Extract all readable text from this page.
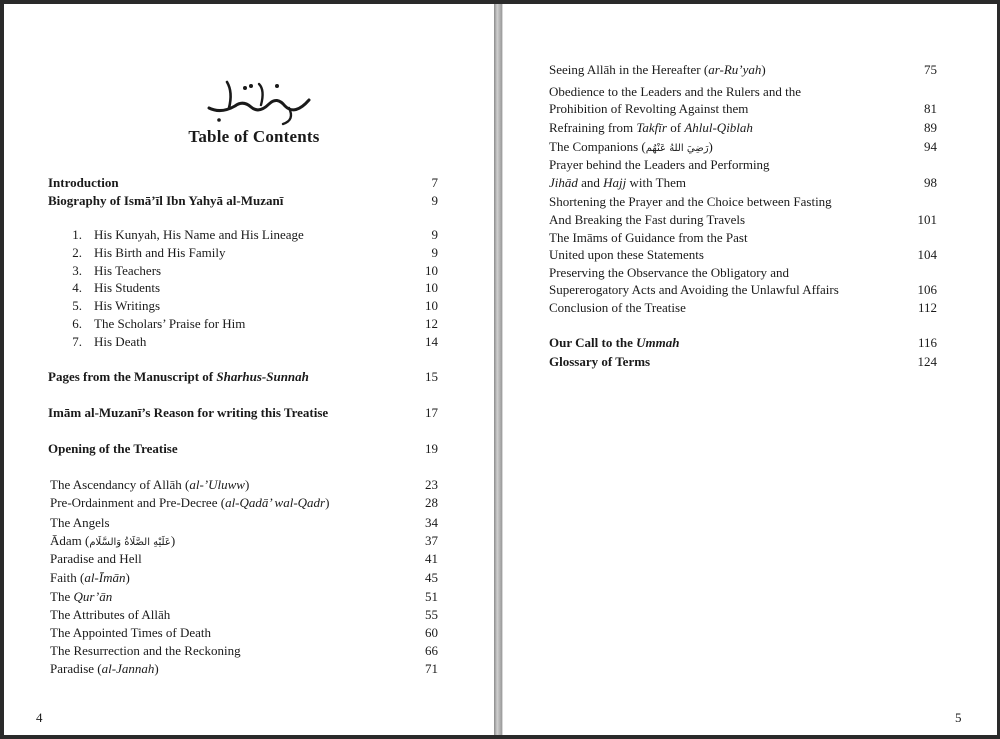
Table of Contents
Introduction	7
Biography of Ismā’īl Ibn Yahyā al-Muzanī	9
1. His Kunyah, His Name and His Lineage	9
2. His Birth and His Family	9
3. His Teachers	10
4. His Students	10
5. His Writings	10
6. The Scholars’ Praise for Him	12
7. His Death	14
Pages from the Manuscript of Sharhus-Sunnah	15
Imām al-Muzanī’s Reason for writing this Treatise	17
Opening of the Treatise	19
The Ascendancy of Allāh (al-’Uluww)	23
Pre-Ordainment and Pre-Decree (al-Qadā’ wal-Qadr)	28
The Angels	34
Ādam (عَلَيْهِ الصَّلَاةُ وَالسَّلَام)	37
Paradise and Hell	41
Faith (al-Īmān)	45
The Qur’ān	51
The Attributes of Allāh	55
The Appointed Times of Death	60
The Resurrection and the Reckoning	66
Paradise (al-Jannah)	71
4
Seeing Allāh in the Hereafter (ar-Ru’yah)	75
Obedience to the Leaders and the Rulers and the
Prohibition of Revolting Against them	81
Refraining from Takfīr of Ahlul-Qiblah	89
The Companions (رَضِيَ اللهُ عَنْهُم)	94
Prayer behind the Leaders and Performing
Jihād and Hajj with Them	98
Shortening the Prayer and the Choice between Fasting
And Breaking the Fast during Travels	101
The Imāms of Guidance from the Past
United upon these Statements	104
Preserving the Observance the Obligatory and
Supererogatory Acts and Avoiding the Unlawful Affairs	106
Conclusion of the Treatise	112
Our Call to the Ummah	116
Glossary of Terms	124
5
